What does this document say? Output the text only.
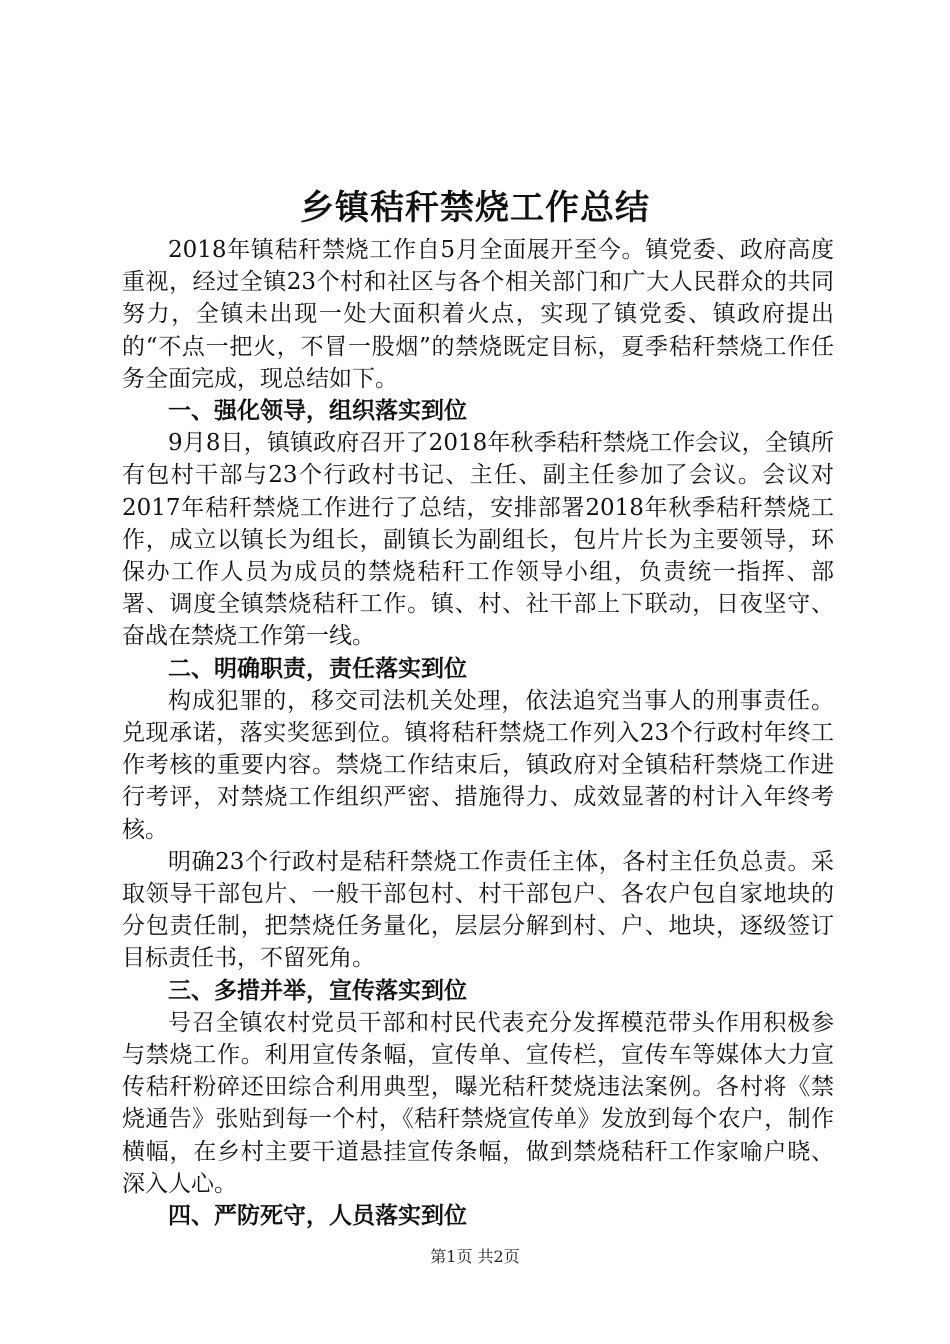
乡镇秸秆禁烧工作总结

2018年镇秸秆禁烧工作自5月全面展开至今。镇党委、政府高度重视，经过全镇23个村和社区与各个相关部门和广大人民群众的共同努力，全镇未出现一处大面积着火点，实现了镇党委、镇政府提出的“不点一把火，不冒一股烟”的禁烧既定目标，夏季秸秆禁烧工作任务全面完成，现总结如下。

一、强化领导，组织落实到位

9月8日，镇镇政府召开了2018年秋季秸秆禁烧工作会议，全镇所有包村干部与23个行政村书记、主任、副主任参加了会议。会议对2017年秸秆禁烧工作进行了总结，安排部署2018年秋季秸秆禁烧工作，成立以镇长为组长，副镇长为副组长，包片片长为主要领导，环保办工作人员为成员的禁烧秸秆工作领导小组，负责统一指挥、部署、调度全镇禁烧秸秆工作。镇、村、社干部上下联动，日夜坚守、奋战在禁烧工作第一线。

二、明确职责，责任落实到位

构成犯罪的，移交司法机关处理，依法追究当事人的刑事责任。兑现承诺，落实奖惩到位。镇将秸秆禁烧工作列入23个行政村年终工作考核的重要内容。禁烧工作结束后，镇政府对全镇秸秆禁烧工作进行考评，对禁烧工作组织严密、措施得力、成效显著的村计入年终考核。

明确23个行政村是秸秆禁烧工作责任主体，各村主任负总责。采取领导干部包片、一般干部包村、村干部包户、各农户包自家地块的分包责任制，把禁烧任务量化，层层分解到村、户、地块，逐级签订目标责任书，不留死角。

三、多措并举，宣传落实到位

号召全镇农村党员干部和村民代表充分发挥模范带头作用积极参与禁烧工作。利用宣传条幅，宣传单、宣传栏，宣传车等媒体大力宣传秸秆粉碎还田综合利用典型，曝光秸秆焚烧违法案例。各村将《禁烧通告》张贴到每一个村，《秸秆禁烧宣传单》发放到每个农户，制作横幅，在乡村主要干道悬挂宣传条幅，做到禁烧秸秆工作家喻户晓、深入人心。

四、严防死守，人员落实到位
第1页 共2页
